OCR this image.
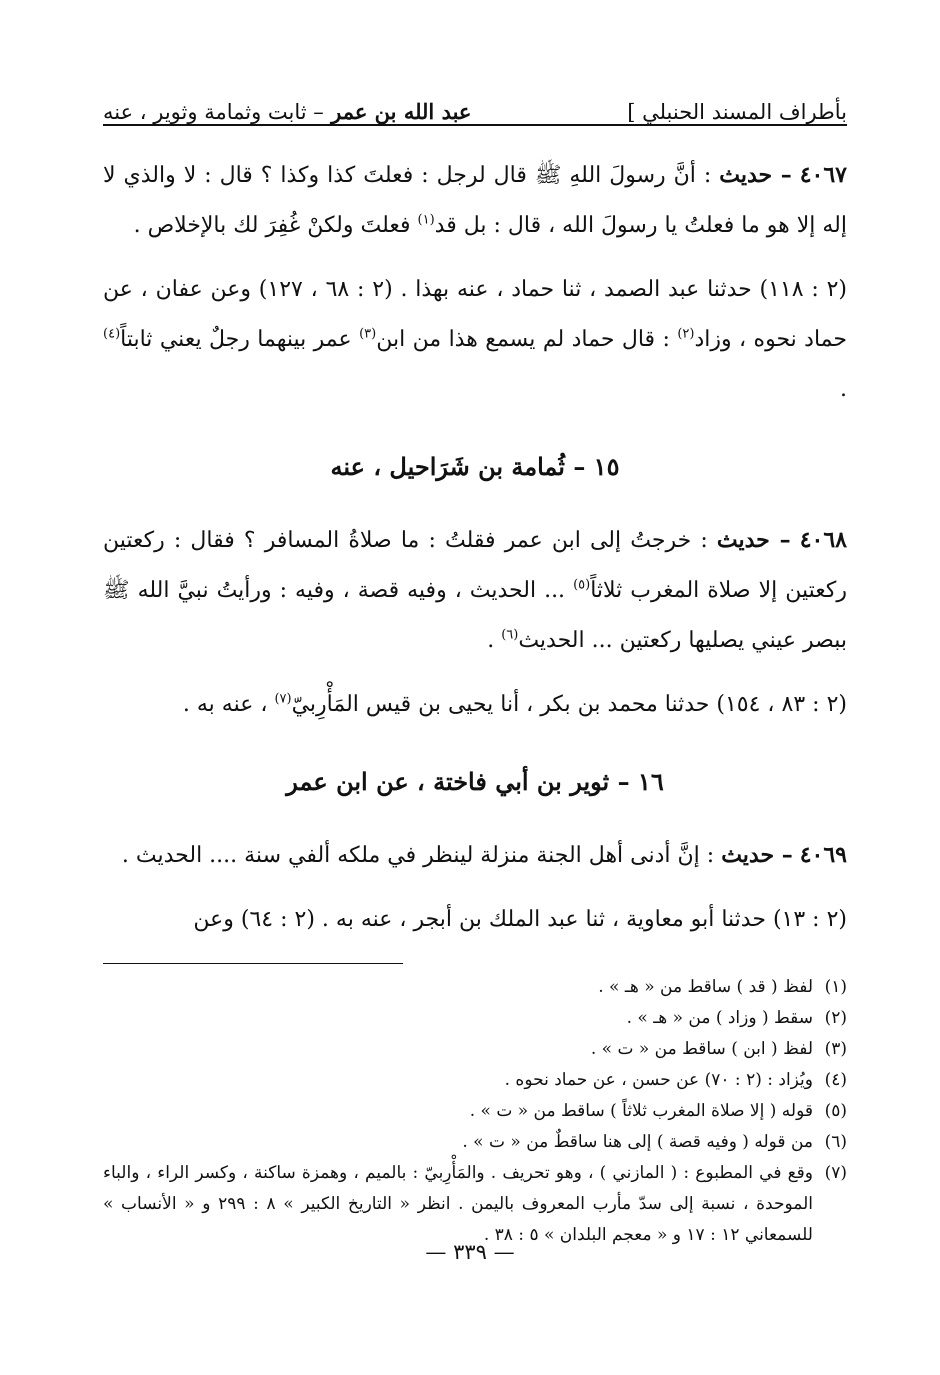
بأطراف المسند الحنبلي ]
عبد الله بن عمر – ثابت وثمامة وثوير ، عنه

٤٠٦٧ – حديث : أنَّ رسولَ اللهِ ﷺ قال لرجل : فعلتَ كذا وكذا ؟ قال : لا والذي لا إله إلا هو ما فعلتُ يا رسولَ الله ، قال : بل قد$^{(١)}$ فعلتَ ولكنْ غُفِرَ لك بالإخلاص .

(٢ : ١١٨) حدثنا عبد الصمد ، ثنا حماد ، عنه بهذا . (٢ : ٦٨ ، ١٢٧) وعن عفان ، عن حماد نحوه ، وزاد$^{(٢)}$ : قال حماد لم يسمع هذا من ابن$^{(٣)}$ عمر بينهما رجلٌ يعني ثابتاً$^{(٤)}$ .

١٥ – ثُمامة بن شَرَاحيل ، عنه

٤٠٦٨ – حديث : خرجتُ إلى ابن عمر فقلتُ : ما صلاةُ المسافر ؟ فقال : ركعتين ركعتين إلا صلاة المغرب ثلاثاً$^{(٥)}$ ... الحديث ، وفيه قصة ، وفيه : ورأيتُ نبيَّ الله ﷺ ببصر عيني يصليها ركعتين ... الحديث$^{(٦)}$ .

(٢ : ٨٣ ، ١٥٤) حدثنا محمد بن بكر ، أنا يحيى بن قيس المَأْرِبيّ$^{(٧)}$ ، عنه به .

١٦ – ثوير بن أبي فاختة ، عن ابن عمر

٤٠٦٩ – حديث : إنَّ أدنى أهل الجنة منزلة لينظر في ملكه ألفي سنة .... الحديث .

(٢ : ١٣) حدثنا أبو معاوية ، ثنا عبد الملك بن أبجر ، عنه به . (٢ : ٦٤) وعن

(١)
لفظ ( قد ) ساقط من « هـ » .
(٢)
سقط ( وزاد ) من « هـ » .
(٣)
لفظ ( ابن ) ساقط من « ت » .
(٤)
ويُزاد : (٢ : ٧٠) عن حسن ، عن حماد نحوه .
(٥)
قوله ( إلا صلاة المغرب ثلاثاً ) ساقط من « ت » .
(٦)
من قوله ( وفيه قصة ) إلى هنا ساقطٌ من « ت » .
(٧)
وقع في المطبوع : ( المازني ) ، وهو تحريف . والمَأْرِبيّ : بالميم ، وهمزة ساكنة ، وكسر الراء ، والباء الموحدة ، نسبة إلى سدّ مأرب المعروف باليمن . انظر « التاريخ الكبير » ٨ : ٢٩٩ و « الأنساب » للسمعاني ١٢ : ١٧ و « معجم البلدان » ٥ : ٣٨ .
— ٣٣٩ —
